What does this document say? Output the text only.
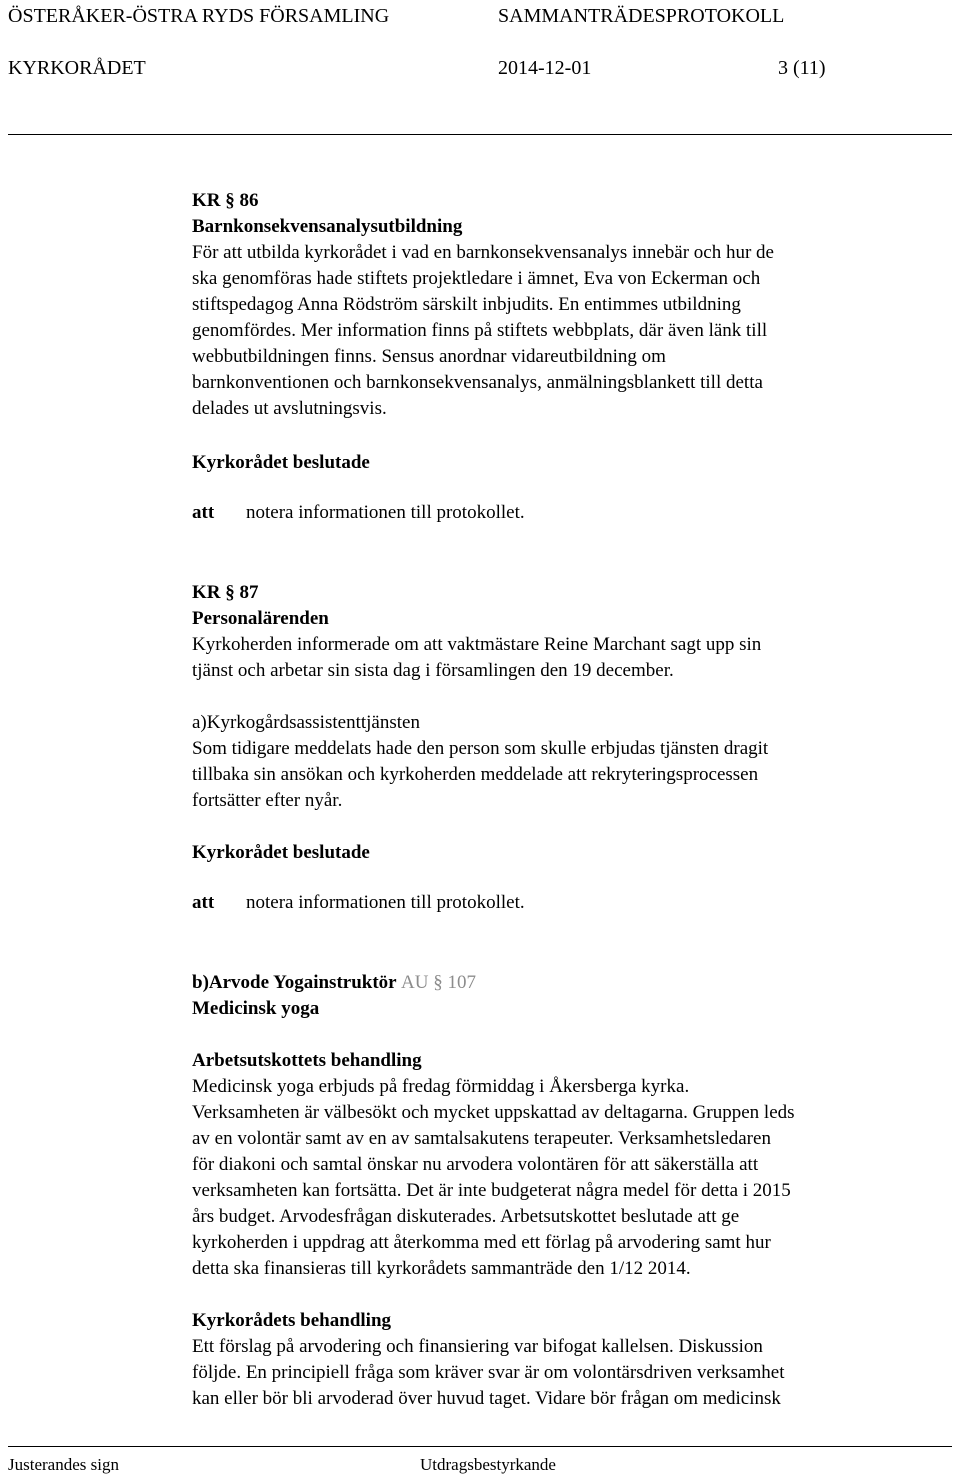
ÖSTERÅKER-ÖSTRA RYDS FÖRSAMLING	SAMMANTRÄDESPROTOKOLL
KYRKORÅDET	2014-12-01	3 (11)
KR § 86
Barnkonsekvensanalysutbildning
För att utbilda kyrkorådet i vad en barnkonsekvensanalys innebär och hur de
ska genomföras hade stiftets projektledare i ämnet, Eva von Eckerman och
stiftspedagog Anna Rödström särskilt inbjudits. En entimmes utbildning
genomfördes. Mer information finns på stiftets webbplats, där även länk till
webbutbildningen finns. Sensus anordnar vidareutbildning om
barnkonventionen och barnkonsekvensanalys, anmälningsblankett till detta
delades ut avslutningsvis.
Kyrkorådet beslutade
att notera informationen till protokollet.
KR § 87
Personalärenden
Kyrkoherden informerade om att vaktmästare Reine Marchant sagt upp sin
tjänst och arbetar sin sista dag i församlingen den 19 december.
a)Kyrkogårdsassistenttjänsten
Som tidigare meddelats hade den person som skulle erbjudas tjänsten dragit
tillbaka sin ansökan och kyrkoherden meddelade att rekryteringsprocessen
fortsätter efter nyår.
Kyrkorådet beslutade
att notera informationen till protokollet.
b)Arvode Yogainstruktör AU § 107
Medicinsk yoga
Arbetsutskottets behandling
Medicinsk yoga erbjuds på fredag förmiddag i Åkersberga kyrka.
Verksamheten är välbesökt och mycket uppskattad av deltagarna. Gruppen leds
av en volontär samt av en av samtalsakutens terapeuter. Verksamhetsledaren
för diakoni och samtal önskar nu arvodera volontären för att säkerställa att
verksamheten kan fortsätta. Det är inte budgeterat några medel för detta i 2015
års budget. Arvodesfrågan diskuterades. Arbetsutskottet beslutade att ge
kyrkoherden i uppdrag att återkomma med ett förlag på arvodering samt hur
detta ska finansieras till kyrkorådets sammanträde den 1/12 2014.
Kyrkorådets behandling
Ett förslag på arvodering och finansiering var bifogat kallelsen. Diskussion
följde. En principiell fråga som kräver svar är om volontärsdriven verksamhet
kan eller bör bli arvoderad över huvud taget. Vidare bör frågan om medicinsk
Justerandes sign	Utdragsbestyrkande
